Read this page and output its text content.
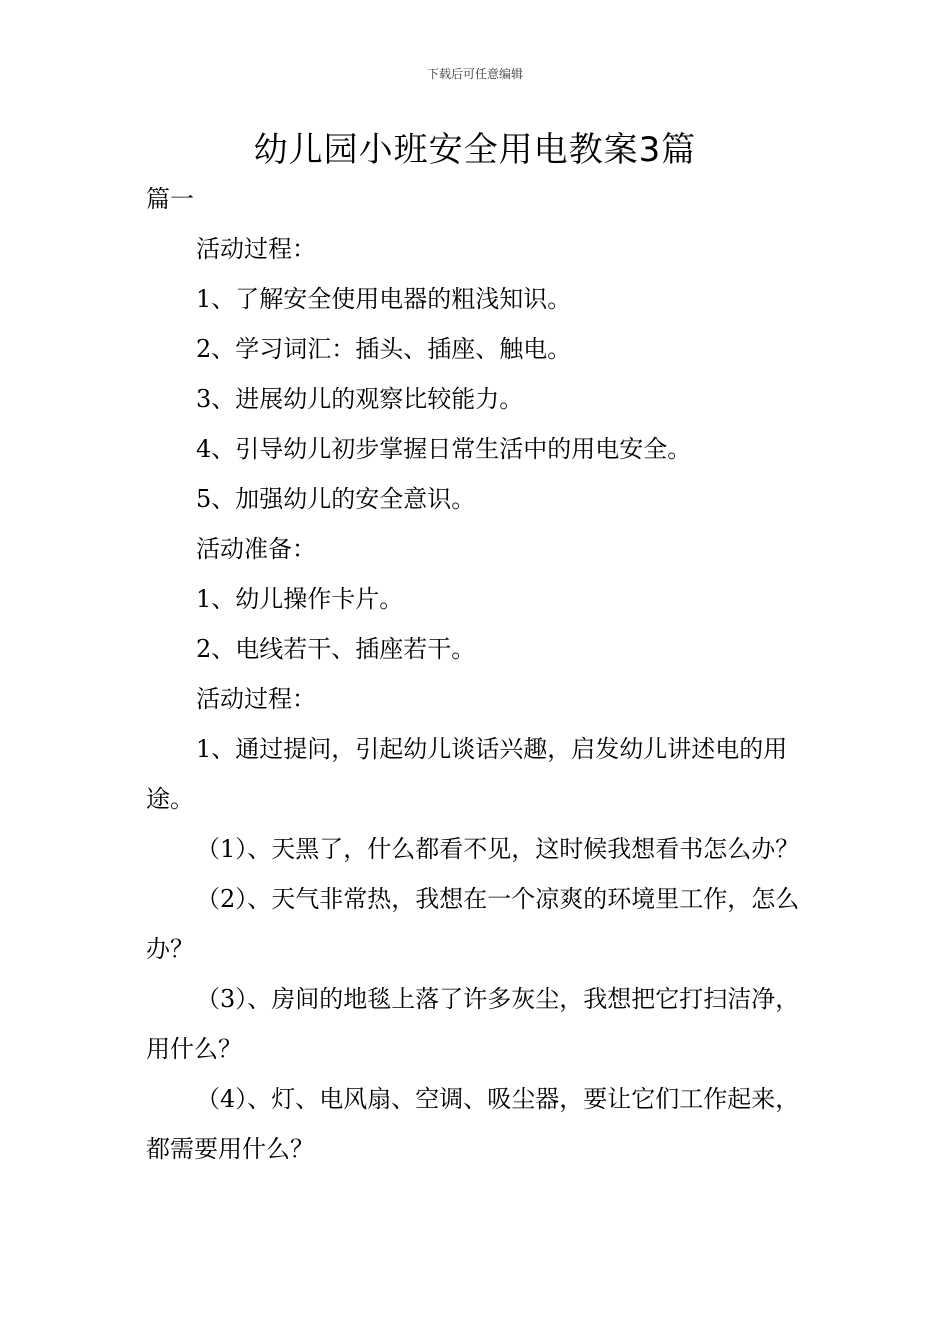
下载后可任意编辑
幼儿园小班安全用电教案3篇

篇一

活动过程：

1、了解安全使用电器的粗浅知识。

2、学习词汇：插头、插座、触电。

3、进展幼儿的观察比较能力。

4、引导幼儿初步掌握日常生活中的用电安全。

5、加强幼儿的安全意识。

活动准备：

1、幼儿操作卡片。

2、电线若干、插座若干。

活动过程：

1、通过提问，引起幼儿谈话兴趣，启发幼儿讲述电的用途。

（1）、天黑了，什么都看不见，这时候我想看书怎么办？

（2）、天气非常热，我想在一个凉爽的环境里工作，怎么办？

（3）、房间的地毯上落了许多灰尘，我想把它打扫洁净，用什么？

（4）、灯、电风扇、空调、吸尘器，要让它们工作起来，都需要用什么？
